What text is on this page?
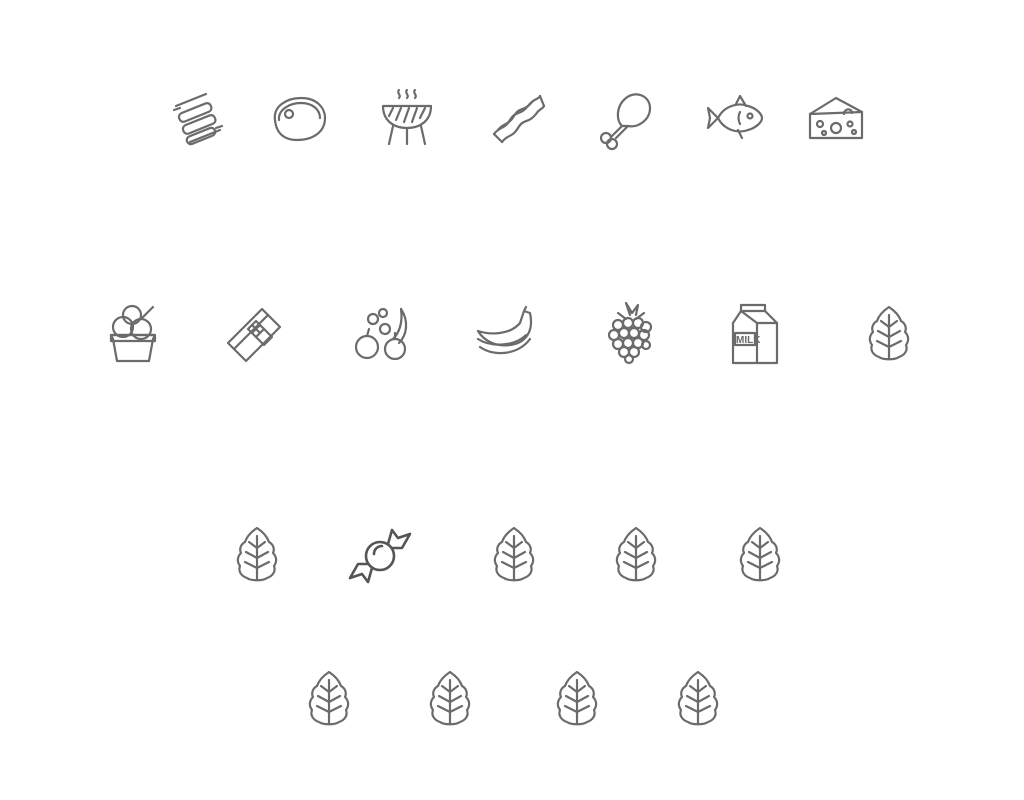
MILK
